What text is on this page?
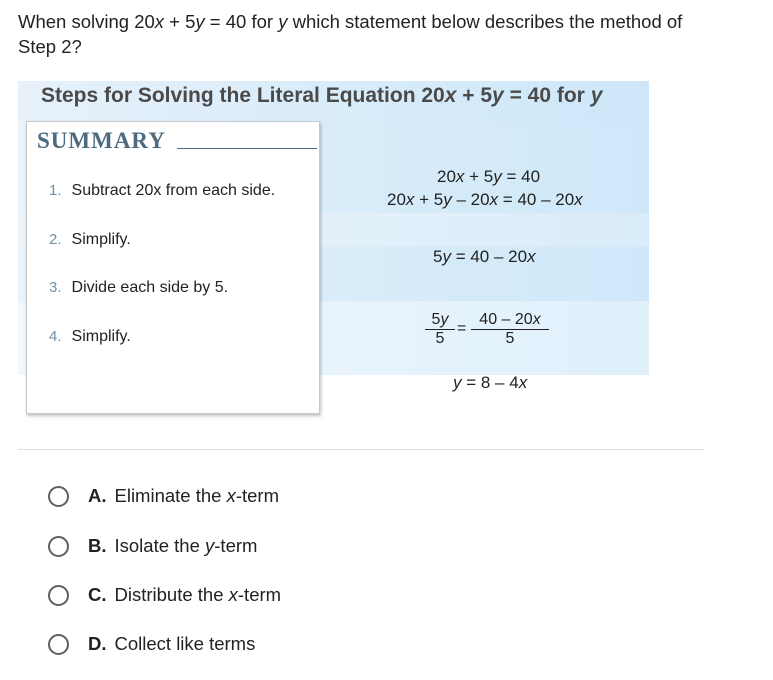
When solving 20x + 5y = 40 for y which statement below describes the method of Step 2?
Steps for Solving the Literal Equation 20x + 5y = 40 for y
SUMMARY
1. Subtract 20x from each side.
2. Simplify.
3. Divide each side by 5.
4. Simplify.
20x + 5y = 40
20x + 5y – 20x = 40 – 20x
5y = 40 – 20x
$\frac{5y}{5} = \frac{40 - 20x}{5}$
y = 8 – 4x
A. Eliminate the x-term
B. Isolate the y-term
C. Distribute the x-term
D. Collect like terms
